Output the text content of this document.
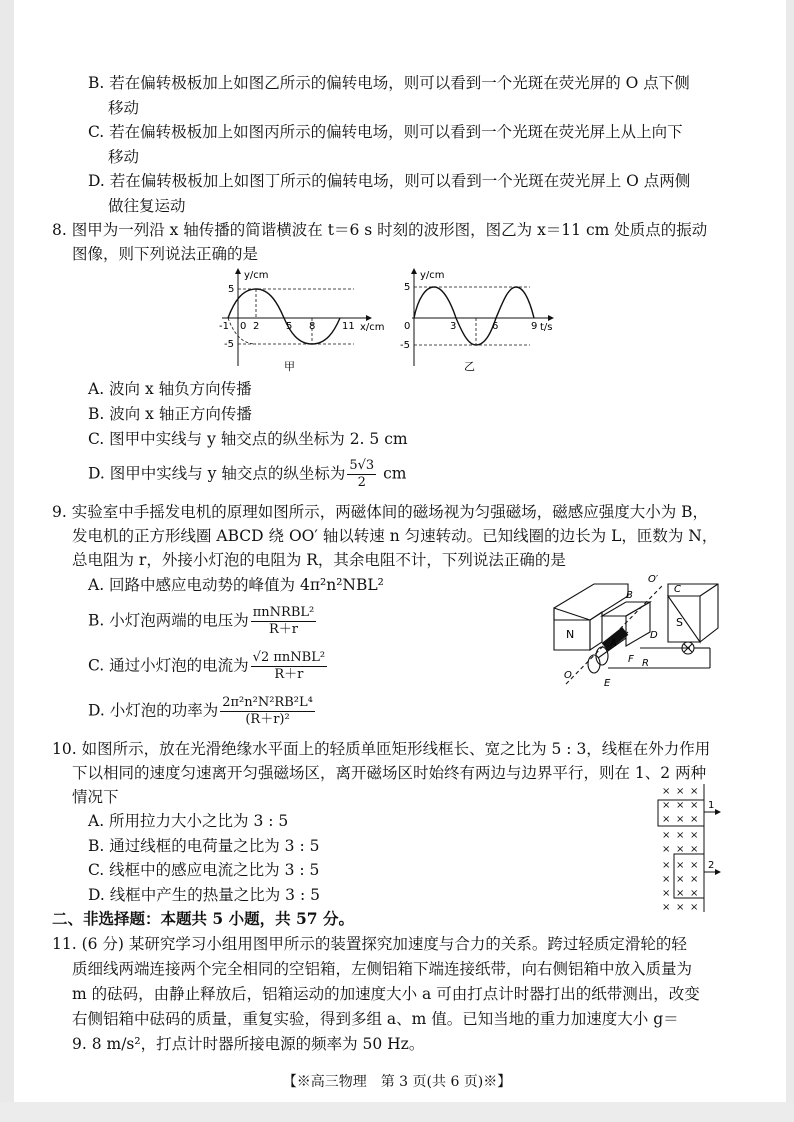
B. 若在偏转极板加上如图乙所示的偏转电场，则可以看到一个光斑在荧光屏的 O 点下侧
移动
C. 若在偏转极板加上如图丙所示的偏转电场，则可以看到一个光斑在荧光屏上从上向下
移动
D. 若在偏转极板加上如图丁所示的偏转电场，则可以看到一个光斑在荧光屏上 O 点两侧
做往复运动
8. 图甲为一列沿 x 轴传播的简谐横波在 t＝6 s 时刻的波形图，图乙为 x＝11 cm 处质点的振动
图像，则下列说法正确的是
y/cm
x/cm
5
-5
-1 0 2	5 8	11
甲
y/cm
t/s
5
-5
0	3	6	9
乙
A. 波向 x 轴负方向传播
B. 波向 x 轴正方向传播
C. 图甲中实线与 y 轴交点的纵坐标为 2. 5 cm
D. 图甲中实线与 y 轴交点的纵坐标为 $\frac{5√3}{2}$ cm
9. 实验室中手摇发电机的原理如图所示，两磁体间的磁场视为匀强磁场，磁感应强度大小为 B，
发电机的正方形线圈 ABCD 绕 OO′ 轴以转速 n 匀速转动。已知线圈的边长为 L，匝数为 N，
总电阻为 r，外接小灯泡的电阻为 R，其余电阻不计，下列说法正确的是
A. 回路中感应电动势的峰值为 4π²n²NBL²
B. 小灯泡两端的电压为 $\frac{\text{πnNRBL²}}{R+r}$
C. 通过小灯泡的电流为 $\frac{\text{√2 πnNBL²}}{R+r}$
D. 小灯泡的功率为 $\frac{\text{2π²n²N²RB²L⁴}}{\text{(R＋r)²}}$
N
S
B
C
D
O′
O
A
F
E
R
10. 如图所示，放在光滑绝缘水平面上的轻质单匝矩形线框长、宽之比为 5 : 3，线框在外力作用
下以相同的速度匀速离开匀强磁场区，离开磁场区时始终有两边与边界平行，则在 1、2 两种
情况下
A. 所用拉力大小之比为 3 : 5
B. 通过线框的电荷量之比为 3 : 5
C. 线框中的感应电流之比为 3 : 5
D. 线框中产生的热量之比为 3 : 5
× × ×
× × ×
× × ×
× × ×
× × ×
× × ×
× × ×
× × ×
× × ×
1
2
二、非选择题：本题共 5 小题，共 57 分。
11. (6 分) 某研究学习小组用图甲所示的装置探究加速度与合力的关系。跨过轻质定滑轮的轻
质细线两端连接两个完全相同的空铝箱，左侧铝箱下端连接纸带，向右侧铝箱中放入质量为
m 的砝码，由静止释放后，铝箱运动的加速度大小 a 可由打点计时器打出的纸带测出，改变
右侧铝箱中砝码的质量，重复实验，得到多组 a、m 值。已知当地的重力加速度大小 g＝
9. 8 m/s²，打点计时器所接电源的频率为 50 Hz。
【※高三物理　第 3 页(共 6 页)※】
